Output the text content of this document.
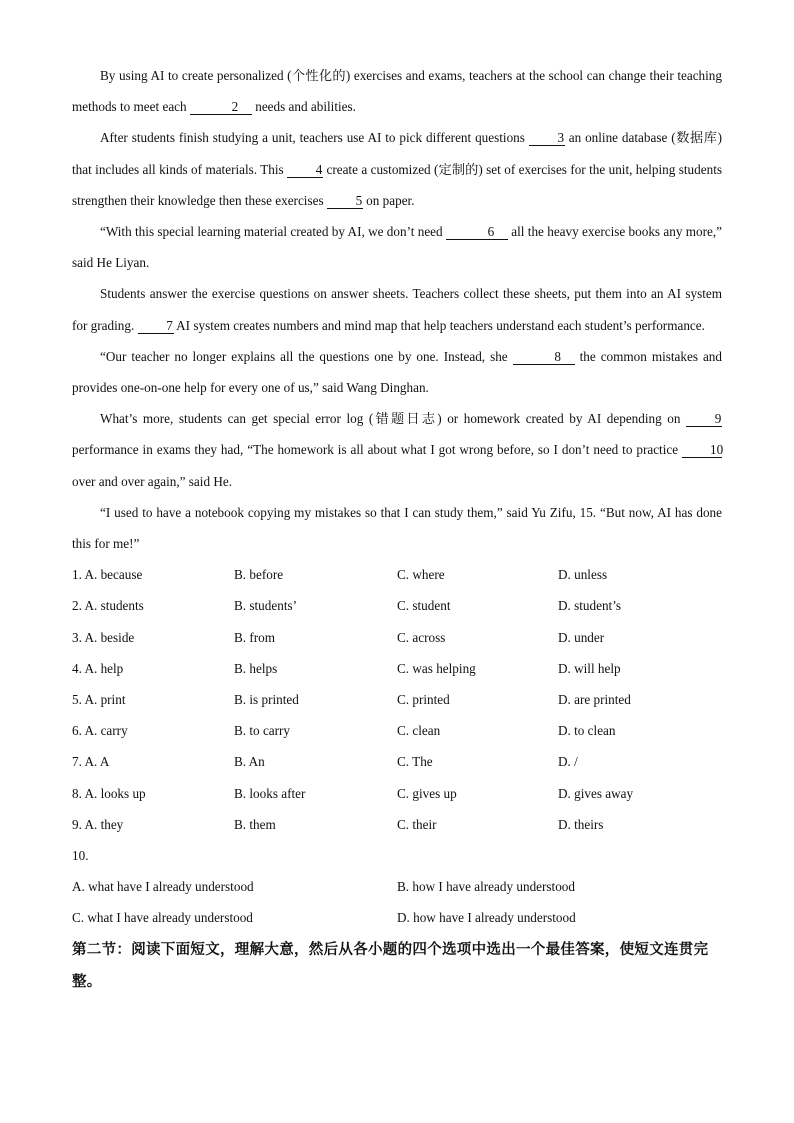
By using AI to create personalized (个性化的) exercises and exams, teachers at the school can change their teaching methods to meet each	2 needs and abilities.

After students finish studying a unit, teachers use AI to pick different questions 3 an online database (数据库) that includes all kinds of materials. This 4 create a customized (定制的) set of exercises for the unit, helping students strengthen their knowledge then these exercises 5 on paper.

“With this special learning material created by AI, we don’t need	6 all the heavy exercise books any more,” said He Liyan.

Students answer the exercise questions on answer sheets. Teachers collect these sheets, put them into an AI system for grading. 7 AI system creates numbers and mind map that help teachers understand each student’s performance.

“Our teacher no longer explains all the questions one by one. Instead, she	8 the common mistakes and provides one-on-one help for every one of us,” said Wang Dinghan.

What’s more, students can get special error log (错题日志) or homework created by AI depending on 9 performance in exams they had, “The homework is all about what I got wrong before, so I don’t need to practice 10 over and over again,” said He.

“I used to have a notebook copying my mistakes so that I can study them,” said Yu Zifu, 15. “But now, AI has done this for me!”

1. A. because	B. before	C. where	D. unless
2. A. students	B. students’	C. student	D. student’s
3. A. beside	B. from	C. across	D. under
4. A. help	B. helps	C. was helping	D. will help
5. A. print	B. is printed	C. printed	D. are printed
6. A. carry	B. to carry	C. clean	D. to clean
7. A. A	B. An	C. The	D. /
8. A. looks up	B. looks after	C. gives up	D. gives away
9. A. they	B. them	C. their	D. theirs
10.
A. what have I already understood	B. how I have already understood
C. what I have already understood	D. how have I already understood
第二节：阅读下面短文，理解大意，然后从各小题的四个选项中选出一个最佳答案，使短文连贯完整。
